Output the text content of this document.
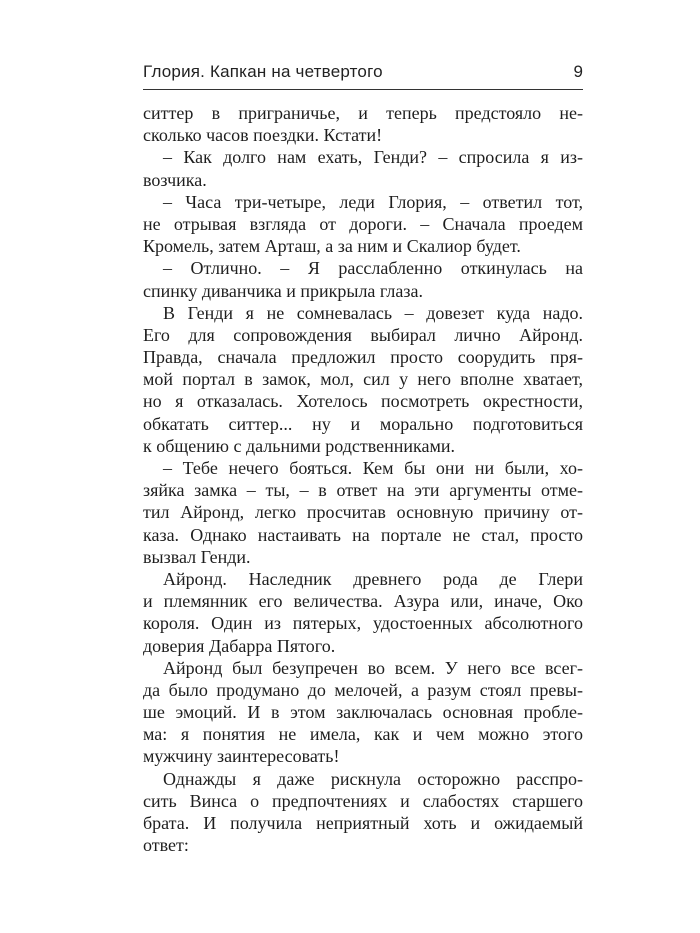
Глория. Капкан на четвертого	9
ситтер в приграничье, и теперь предстояло не-
сколько часов поездки. Кстати!
– Как долго нам ехать, Генди? – спросила я из-
возчика.
– Часа три-четыре, леди Глория, – ответил тот,
не отрывая взгляда от дороги. – Сначала проедем
Кромель, затем Арташ, а за ним и Скалиор будет.
– Отлично. – Я расслабленно откинулась на
спинку диванчика и прикрыла глаза.
В Генди я не сомневалась – довезет куда надо.
Его для сопровождения выбирал лично Айронд.
Правда, сначала предложил просто соорудить пря-
мой портал в замок, мол, сил у него вполне хватает,
но я отказалась. Хотелось посмотреть окрестности,
обкатать ситтер... ну и морально подготовиться
к общению с дальними родственниками.
– Тебе нечего бояться. Кем бы они ни были, хо-
зяйка замка – ты, – в ответ на эти аргументы отме-
тил Айронд, легко просчитав основную причину от-
каза. Однако настаивать на портале не стал, просто
вызвал Генди.
Айронд. Наследник древнего рода де Глери
и племянник его величества. Азура или, иначе, Око
короля. Один из пятерых, удостоенных абсолютного
доверия Дабарра Пятого.
Айронд был безупречен во всем. У него все всег-
да было продумано до мелочей, а разум стоял превы-
ше эмоций. И в этом заключалась основная пробле-
ма: я понятия не имела, как и чем можно этого
мужчину заинтересовать!
Однажды я даже рискнула осторожно расспро-
сить Винса о предпочтениях и слабостях старшего
брата. И получила неприятный хоть и ожидаемый
ответ:
